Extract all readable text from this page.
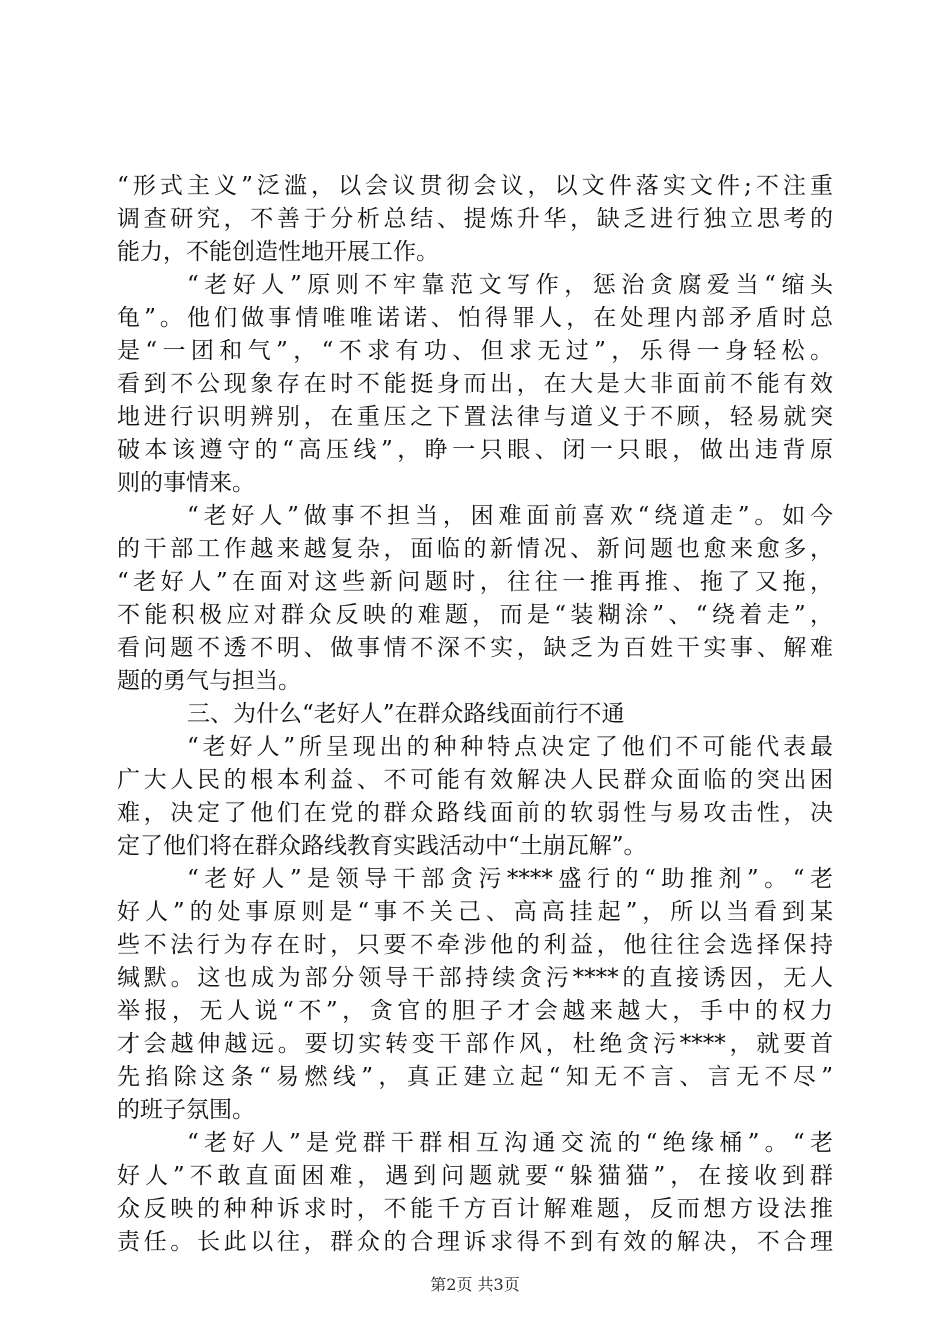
“形式主义”泛滥，以会议贯彻会议，以文件落实文件;不注重
调查研究，不善于分析总结、提炼升华，缺乏进行独立思考的
能力，不能创造性地开展工作。
“老好人”原则不牢靠范文写作，惩治贪腐爱当“缩头
龟”。他们做事情唯唯诺诺、怕得罪人，在处理内部矛盾时总
是“一团和气”，“不求有功、但求无过”，乐得一身轻松。
看到不公现象存在时不能挺身而出，在大是大非面前不能有效
地进行识明辨别，在重压之下置法律与道义于不顾，轻易就突
破本该遵守的“高压线”，睁一只眼、闭一只眼，做出违背原
则的事情来。
“老好人”做事不担当，困难面前喜欢“绕道走”。如今
的干部工作越来越复杂，面临的新情况、新问题也愈来愈多，
“老好人”在面对这些新问题时，往往一推再推、拖了又拖，
不能积极应对群众反映的难题，而是“装糊涂”、“绕着走”，
看问题不透不明、做事情不深不实，缺乏为百姓干实事、解难
题的勇气与担当。
三、为什么“老好人”在群众路线面前行不通
“老好人”所呈现出的种种特点决定了他们不可能代表最
广大人民的根本利益、不可能有效解决人民群众面临的突出困
难，决定了他们在党的群众路线面前的软弱性与易攻击性，决
定了他们将在群众路线教育实践活动中“土崩瓦解”。
“老好人”是领导干部贪污****盛行的“助推剂”。“老
好人”的处事原则是“事不关己、高高挂起”，所以当看到某
些不法行为存在时，只要不牵涉他的利益，他往往会选择保持
缄默。这也成为部分领导干部持续贪污****的直接诱因，无人
举报，无人说“不”，贪官的胆子才会越来越大，手中的权力
才会越伸越远。要切实转变干部作风，杜绝贪污****，就要首
先掐除这条“易燃线”，真正建立起“知无不言、言无不尽”
的班子氛围。
“老好人”是党群干群相互沟通交流的“绝缘桶”。“老
好人”不敢直面困难，遇到问题就要“躲猫猫”，在接收到群
众反映的种种诉求时，不能千方百计解难题，反而想方设法推
责任。长此以往，群众的合理诉求得不到有效的解决，不合理
第2页 共3页
